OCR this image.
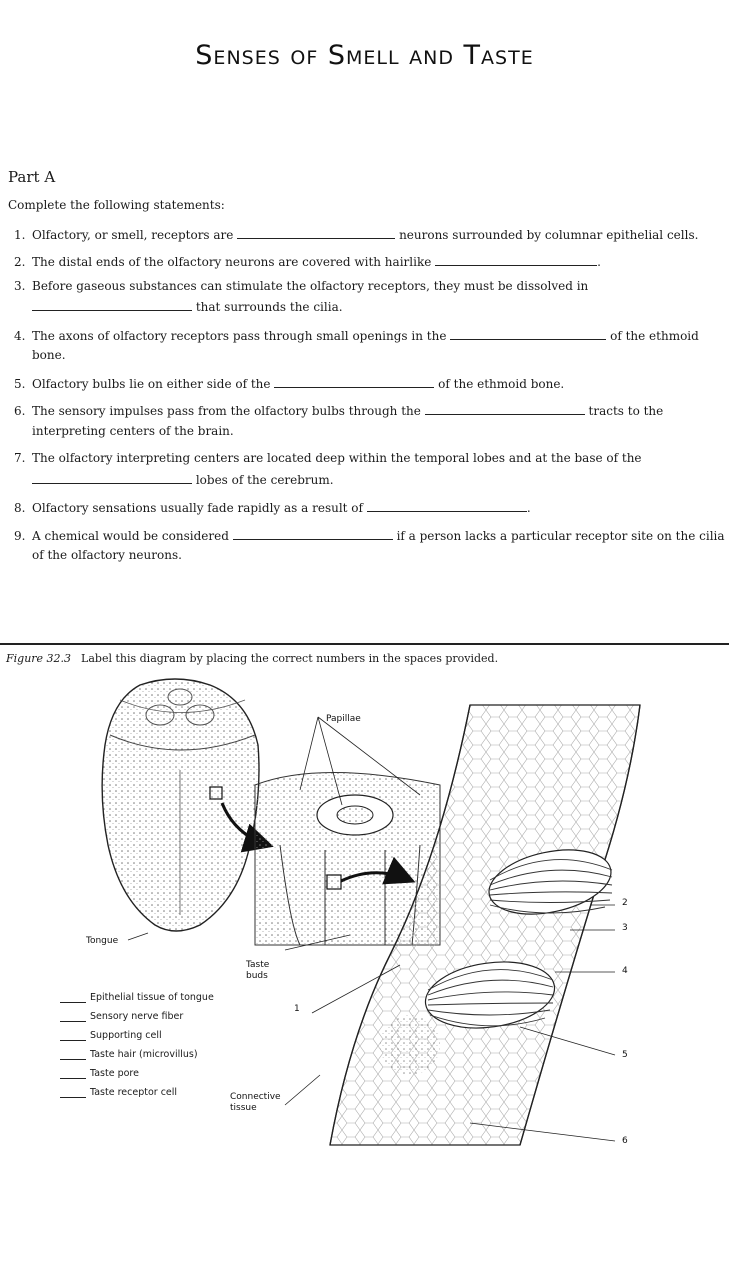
Senses of Smell and Taste
Part A
Complete the following statements:
1. Olfactory, or smell, receptors are	neurons surrounded by columnar epithelial cells.
2. The distal ends of the olfactory neurons are covered with hairlike	.
3. Before gaseous substances can stimulate the olfactory receptors, they must be dissolved in
that surrounds the cilia.
4. The axons of olfactory receptors pass through small openings in the	of the ethmoid
bone.
5. Olfactory bulbs lie on either side of the	of the ethmoid bone.
6. The sensory impulses pass from the olfactory bulbs through the	tracts to the
interpreting centers of the brain.
7. The olfactory interpreting centers are located deep within the temporal lobes and at the base of the
lobes of the cerebrum.
8. Olfactory sensations usually fade rapidly as a result of	.
9. A chemical would be considered	if a person lacks a particular receptor site on the cilia
of the olfactory neurons.
Figure 32.3 Label this diagram by placing the correct numbers in the spaces provided.
Papillae
Tongue
Taste
buds
Connective
tissue
1
2
3
4
5
6
Epithelial tissue of tongue
Sensory nerve fiber
Supporting cell
Taste hair (microvillus)
Taste pore
Taste receptor cell
